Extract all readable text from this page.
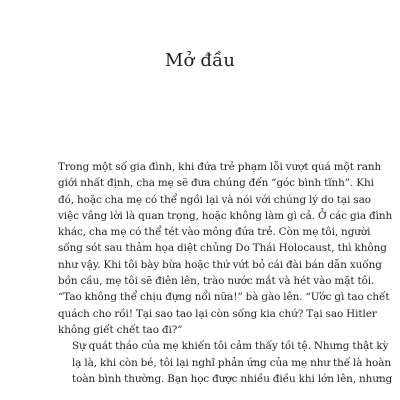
Mở đầu

Trong một số gia đình, khi đứa trẻ phạm lỗi vượt quá một ranh
giới nhất định, cha mẹ sẽ đưa chúng đến “góc bình tĩnh”. Khi
đó, hoặc cha mẹ có thể ngồi lại và nói với chúng lý do tại sao
việc vâng lời là quan trọng, hoặc không làm gì cả. Ở các gia đình
khác, cha mẹ có thể tét vào mông đứa trẻ. Còn mẹ tôi, người
sống sót sau thảm họa diệt chủng Do Thái Holocaust, thì không
như vậy. Khi tôi bày bừa hoặc thứ vứt bỏ cái đài bán dẫn xuống
bồn cầu, mẹ tôi sẽ điên lên, trào nước mắt và hét vào mặt tôi.
“Tao không thể chịu đựng nổi nữa!” bà gào lên. “Ước gì tao chết
quách cho rồi! Tại sao tao lại còn sống kia chứ? Tại sao Hitler
không giết chết tao đi?”

Sự quát tháo của mẹ khiến tôi cảm thấy tồi tệ. Nhưng thật kỳ
lạ là, khi còn bé, tôi lại nghĩ phản ứng của mẹ như thế là hoàn
toàn bình thường. Bạn học được nhiều điều khi lớn lên, nhưng
